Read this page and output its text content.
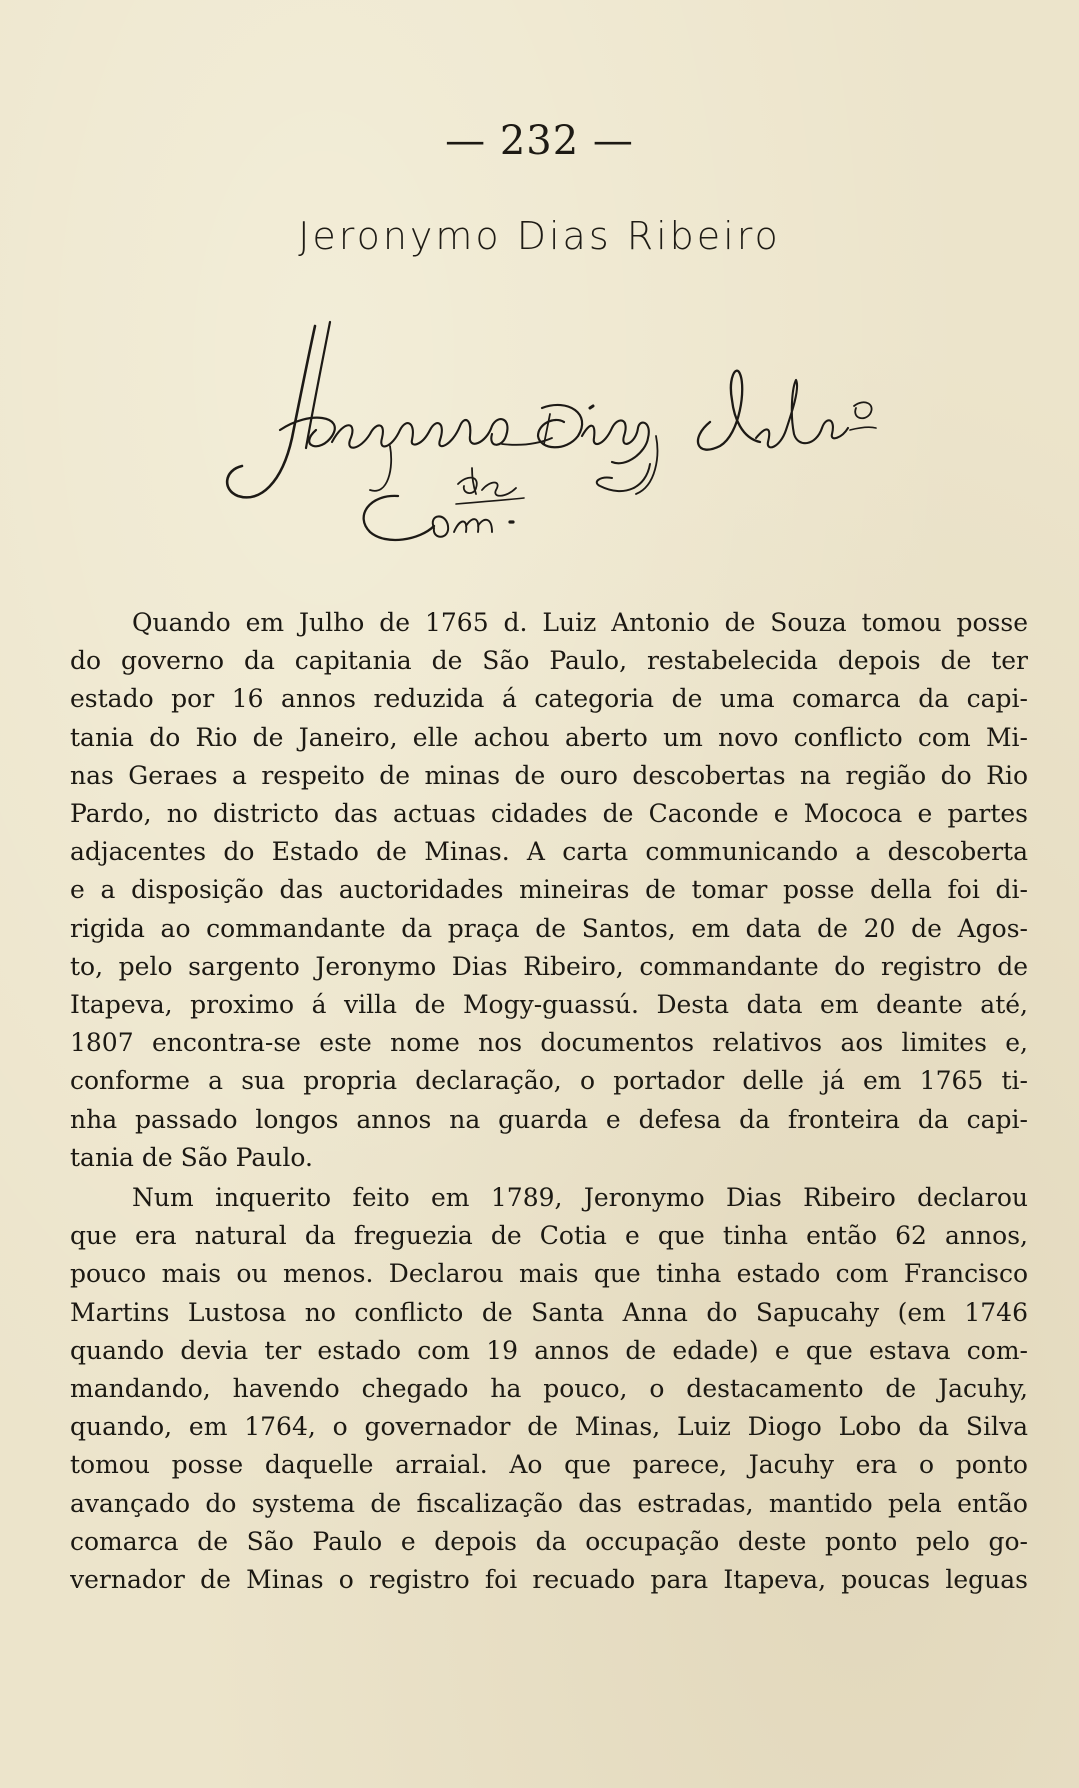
— 232 —
Jeronymo Dias Ribeiro
Quando em Julho de 1765 d. Luiz Antonio de Souza tomou posse
do governo da capitania de São Paulo, restabelecida depois de ter
estado por 16 annos reduzida á categoria de uma comarca da capi-
tania do Rio de Janeiro, elle achou aberto um novo conflicto com Mi-
nas Geraes a respeito de minas de ouro descobertas na região do Rio
Pardo, no districto das actuas cidades de Caconde e Mococa e partes
adjacentes do Estado de Minas. A carta communicando a descoberta
e a disposição das auctoridades mineiras de tomar posse della foi di-
rigida ao commandante da praça de Santos, em data de 20 de Agos-
to, pelo sargento Jeronymo Dias Ribeiro, commandante do registro de
Itapeva, proximo á villa de Mogy-guassú. Desta data em deante até,
1807 encontra-se este nome nos documentos relativos aos limites e,
conforme a sua propria declaração, o portador delle já em 1765 ti-
nha passado longos annos na guarda e defesa da fronteira da capi-
tania de São Paulo.
Num inquerito feito em 1789, Jeronymo Dias Ribeiro declarou
que era natural da freguezia de Cotia e que tinha então 62 annos,
pouco mais ou menos. Declarou mais que tinha estado com Francisco
Martins Lustosa no conflicto de Santa Anna do Sapucahy (em 1746
quando devia ter estado com 19 annos de edade) e que estava com-
mandando, havendo chegado ha pouco, o destacamento de Jacuhy,
quando, em 1764, o governador de Minas, Luiz Diogo Lobo da Silva
tomou posse daquelle arraial. Ao que parece, Jacuhy era o ponto
avançado do systema de fiscalização das estradas, mantido pela então
comarca de São Paulo e depois da occupação deste ponto pelo go-
vernador de Minas o registro foi recuado para Itapeva, poucas leguas
